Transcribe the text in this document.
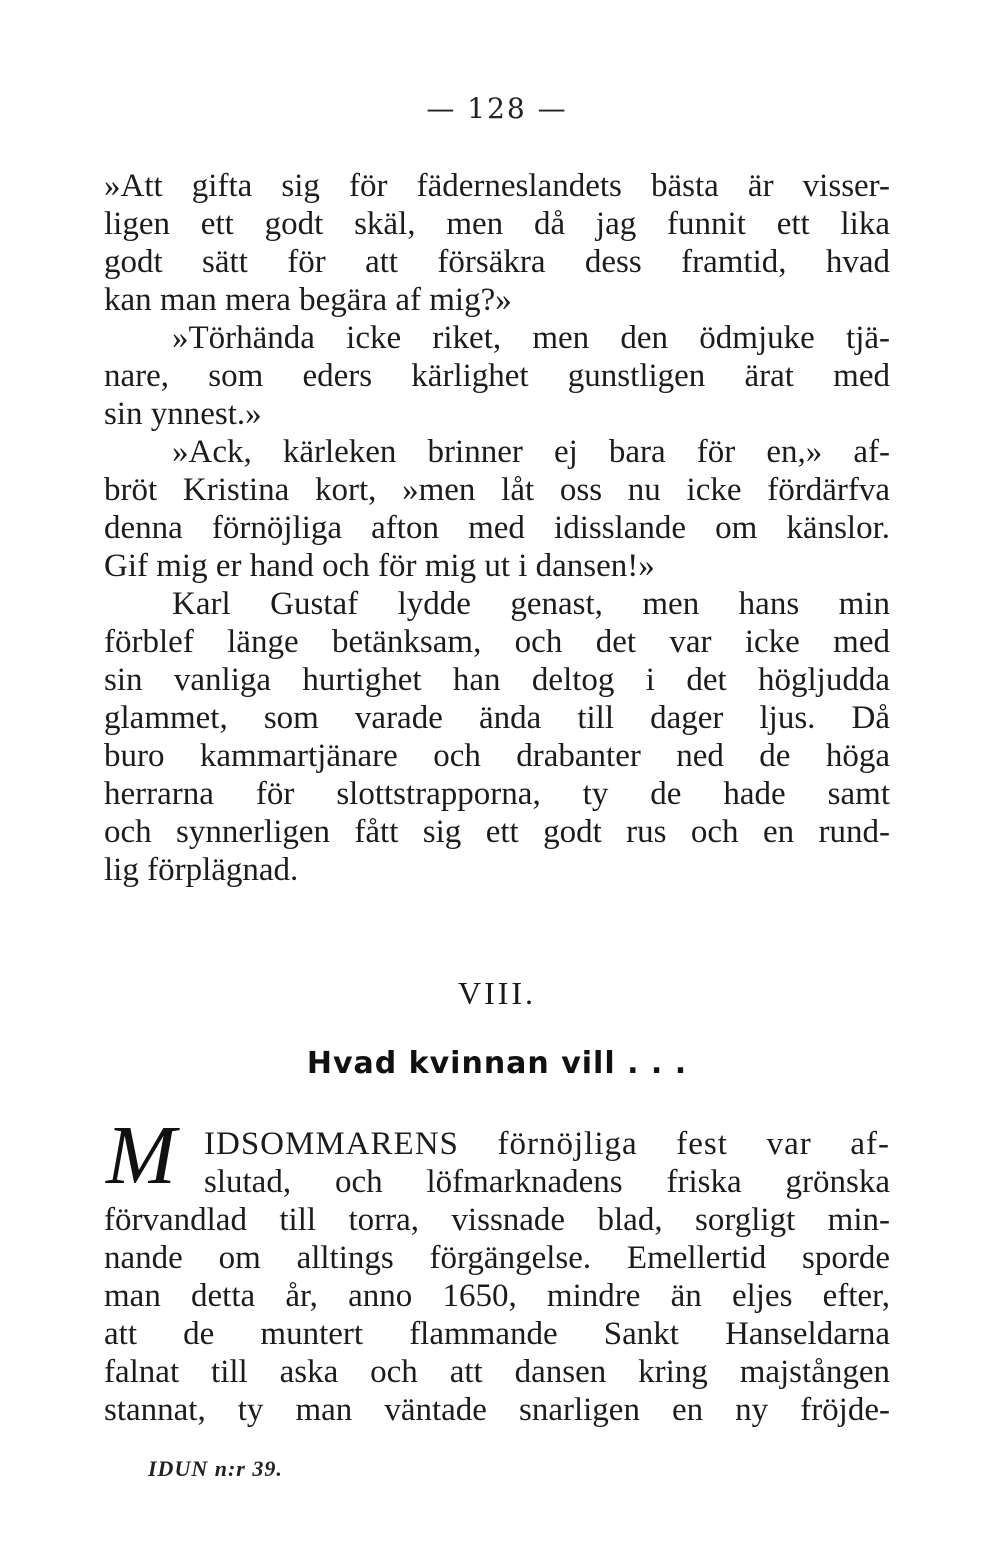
— 128 —
»Att gifta sig för fäderneslandets bästa är visser-
ligen ett godt skäl, men då jag funnit ett lika
godt sätt för att försäkra dess framtid, hvad
kan man mera begära af mig?»
»Törhända icke riket, men den ödmjuke tjä-
nare, som eders kärlighet gunstligen ärat med
sin ynnest.»
»Ack, kärleken brinner ej bara för en,» af-
bröt Kristina kort, »men låt oss nu icke fördärfva
denna förnöjliga afton med idisslande om känslor.
Gif mig er hand och för mig ut i dansen!»
Karl Gustaf lydde genast, men hans min
förblef länge betänksam, och det var icke med
sin vanliga hurtighet han deltog i det högljudda
glammet, som varade ända till dager ljus. Då
buro kammartjänare och drabanter ned de höga
herrarna för slottstrapporna, ty de hade samt
och synnerligen fått sig ett godt rus och en rund-
lig förplägnad.
VIII.
Hvad kvinnan vill . . .
M IDSOMMARENS förnöjliga fest var af-
slutad, och löfmarknadens friska grönska
förvandlad till torra, vissnade blad, sorgligt min-
nande om alltings förgängelse. Emellertid sporde
man detta år, anno 1650, mindre än eljes efter,
att de muntert flammande Sankt Hanseldarna
falnat till aska och att dansen kring majstången
stannat, ty man väntade snarligen en ny fröjde-
IDUN n:r 39.
